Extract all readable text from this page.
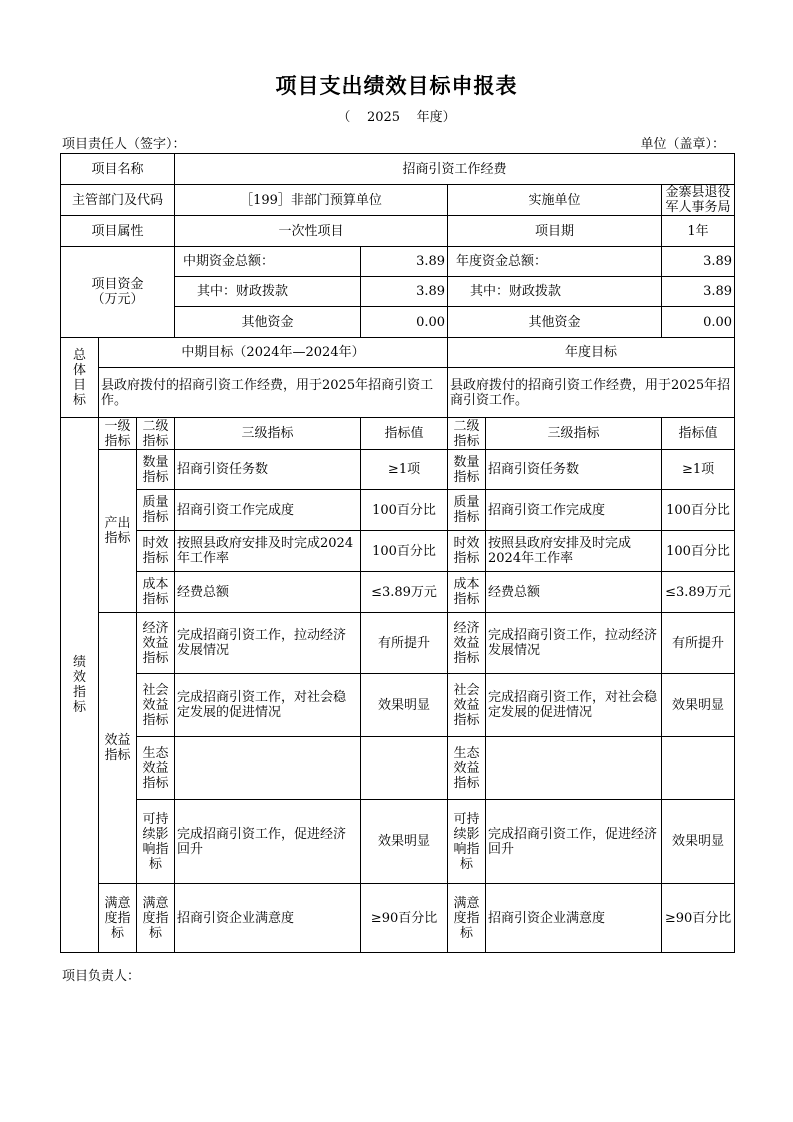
项目支出绩效目标申报表
（ 2025 年度）
项目责任人（签字）：	单位（盖章）：
项目名称			招商引资工作经费				
主管部门及代码			［199］非部门预算单位		实施单位		金寨县退役军人事务局
项目属性			一次性项目		项目期		1年
项目资金（万元）			中期资金总额：	3.89	年度资金总额：		3.89
			其中：财政拨款	3.89	其中：财政拨款		3.89
			其他资金	0.00	其他资金		0.00
总体目标	中期目标（2024年—2024年）				年度目标		
	县政府拨付的招商引资工作经费，用于2025年招商引资工作。				县政府拨付的招商引资工作经费，用于2025年招商引资工作。		
绩效指标	一级指标	二级指标	三级指标	指标值	二级指标	三级指标	指标值
	产出指标	数量指标	招商引资任务数	≥1项	数量指标	招商引资任务数	≥1项
		质量指标	招商引资工作完成度	100百分比	质量指标	招商引资工作完成度	100百分比
		时效指标	按照县政府安排及时完成2024年工作率	100百分比	时效指标	按照县政府安排及时完成2024年工作率	100百分比
		成本指标	经费总额	≤3.89万元	成本指标	经费总额	≤3.89万元
	效益指标	经济效益指标	完成招商引资工作，拉动经济发展情况	有所提升	经济效益指标	完成招商引资工作，拉动经济发展情况	有所提升
		社会效益指标	完成招商引资工作，对社会稳定发展的促进情况	效果明显	社会效益指标	完成招商引资工作，对社会稳定发展的促进情况	效果明显
		生态效益指标			生态效益指标		
		可持续影响指标	完成招商引资工作，促进经济回升	效果明显	可持续影响指标	完成招商引资工作，促进经济回升	效果明显
	满意度指标	满意度指标	招商引资企业满意度	≥90百分比	满意度指标	招商引资企业满意度	≥90百分比
项目负责人：
